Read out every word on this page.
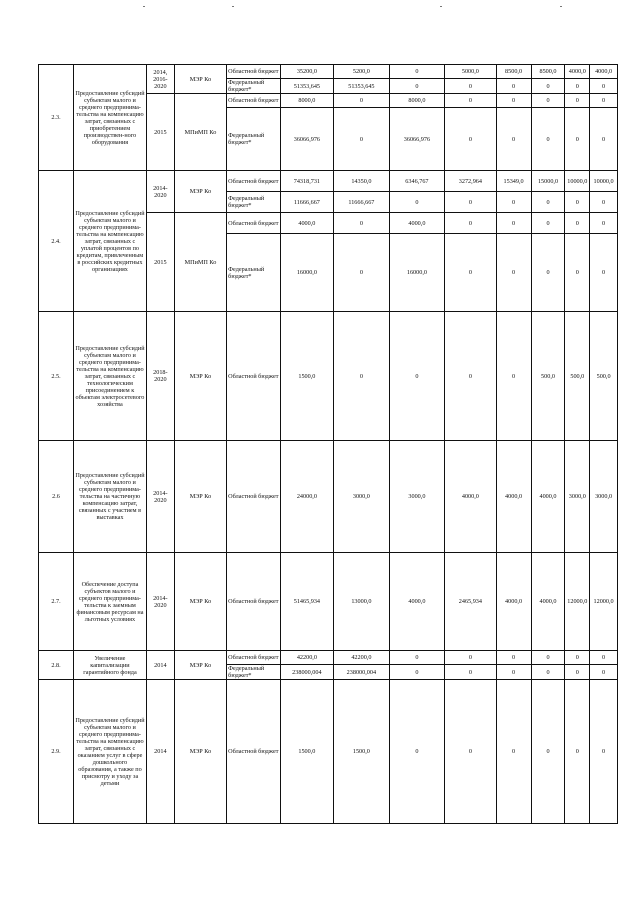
2.3.	Предоставление субсидий субъектам малого и среднего предпринима-тельства на компенсацию затрат, связанных с приобретением производствен-ного оборудования	2014, 2016-2020	МЭР Ко	Областной бюджет	35200,0	5200,0	0	5000,0	8500,0	8500,0	4000,0	4000,0
				Федеральный бюджет*	51353,645	51353,645	0	0	0	0	0	0
		2015	МПиМП Ко	Областной бюджет	8000,0	0	8000,0	0	0	0	0	0
				Федеральный бюджет*	36066,976	0	36066,976	0	0	0	0	0
2.4.	Предоставление субсидий субъектам малого и среднего предпринима-тельства на компенсацию затрат, связанных с уплатой процентов по кредитам, привлеченным в российских кредитных организациях	2014-2020	МЭР Ко	Областной бюджет	74318,731	14350,0	6346,767	3272,964	15349,0	15000,0	10000,0	10000,0
				Федеральный бюджет*	11666,667	11666,667	0	0	0	0	0	0
		2015	МПиМП Ко	Областной бюджет	4000,0	0	4000,0	0	0	0	0	0
				Федеральный бюджет*	16000,0	0	16000,0	0	0	0	0	0
2.5.	Предоставление субсидий субъектам малого и среднего предпринима-тельства на компенсацию затрат, связанных с технологическим присоединением к объектам электросетевого хозяйства	2018-2020	МЭР Ко	Областной бюджет	1500,0	0	0	0	0	500,0	500,0	500,0
2.6	Предоставление субсидий субъектам малого и среднего предпринима-тельства на частичную компенсацию затрат, связанных с участием в выставках	2014-2020	МЭР Ко	Областной бюджет	24000,0	3000,0	3000,0	4000,0	4000,0	4000,0	3000,0	3000,0
2.7.	Обеспечение доступа субъектов малого и среднего предпринима-тельства к заемным финансовым ресурсам на льготных условиях	2014-2020	МЭР Ко	Областной бюджет	51465,934	13000,0	4000,0	2465,934	4000,0	4000,0	12000,0	12000,0
2.8.	Увеличение капитализации гарантийного фонда	2014	МЭР Ко	Областной бюджет	42200,0	42200,0	0	0	0	0	0	0
				Федеральный бюджет*	238000,004	238000,004	0	0	0	0	0	0
2.9.	Предоставление субсидий субъектам малого и среднего предпринима-тельства на компенсацию затрат, связанных с оказанием услуг в сфере дошкольного образования, а также по присмотру и уходу за детьми	2014	МЭР Ко	Областной бюджет	1500,0	1500,0	0	0	0	0	0	0
